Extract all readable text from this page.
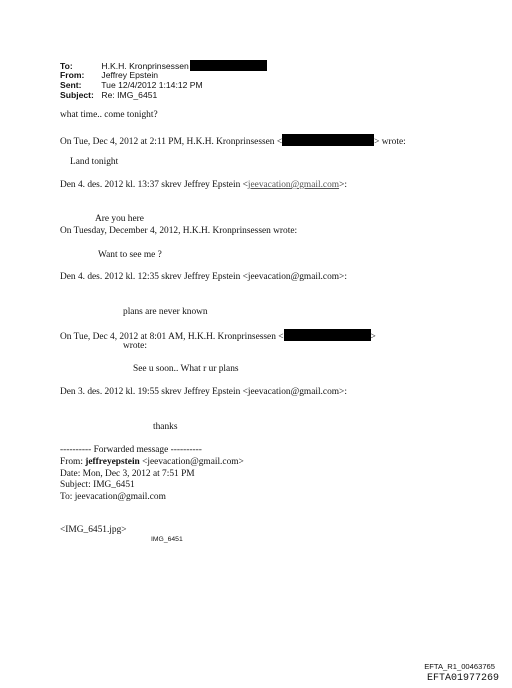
To:	H.K.H. Kronprinsessen
From: Jeffrey Epstein
Sent: Tue 12/4/2012 1:14:12 PM
Subject: Re: IMG_6451
what time.. come tonight?
On Tue, Dec 4, 2012 at 2:11 PM, H.K.H. Kronprinsessen <	> wrote:
Land tonight
Den 4. des. 2012 kl. 13:37 skrev Jeffrey Epstein <jeevacation@gmail.com>:
Are you here
On Tuesday, December 4, 2012, H.K.H. Kronprinsessen wrote:
Want to see me ?
Den 4. des. 2012 kl. 12:35 skrev Jeffrey Epstein <jeevacation@gmail.com>:
plans are never known
On Tue, Dec 4, 2012 at 8:01 AM, H.K.H. Kronprinsessen <	>
wrote:
See u soon.. What r ur plans
Den 3. des. 2012 kl. 19:55 skrev Jeffrey Epstein <jeevacation@gmail.com>:
thanks
---------- Forwarded message ----------
From: jeffreyepstein <jeevacation@gmail.com>
Date: Mon, Dec 3, 2012 at 7:51 PM
Subject: IMG_6451
To: jeevacation@gmail.com
<IMG_6451.jpg>
IMG_6451
EFTA_R1_00463765
EFTA01977269
